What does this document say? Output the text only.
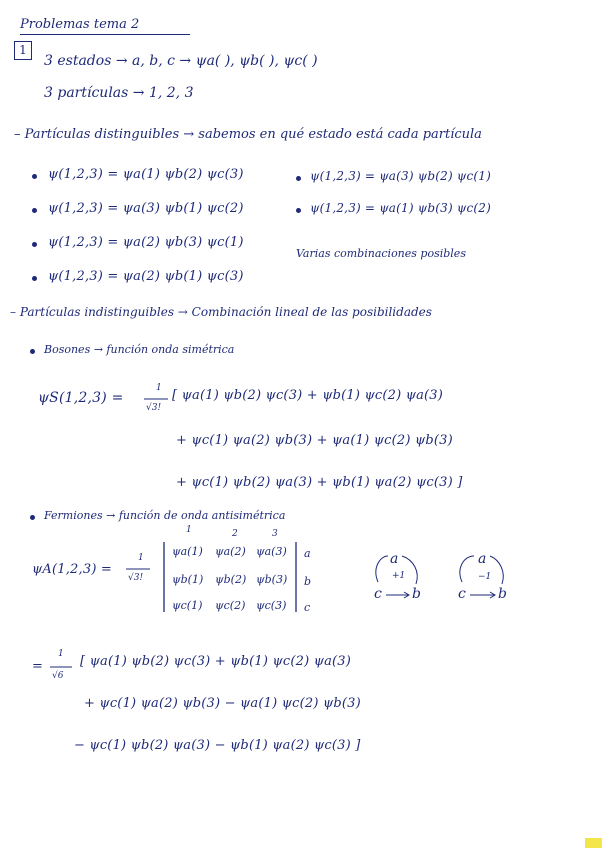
Problemas tema 2
1
3 estados → a, b, c → ψa( ), ψb( ), ψc( )
3 partículas → 1, 2, 3
– Partículas distinguibles → sabemos en qué estado está cada partícula
ψ(1,2,3) = ψa(1) ψb(2) ψc(3)
ψ(1,2,3) = ψa(3) ψb(1) ψc(2)
ψ(1,2,3) = ψa(2) ψb(3) ψc(1)
ψ(1,2,3) = ψa(2) ψb(1) ψc(3)
ψ(1,2,3) = ψa(3) ψb(2) ψc(1)
ψ(1,2,3) = ψa(1) ψb(3) ψc(2)
Varias combinaciones posibles
– Partículas indistinguibles → Combinación lineal de las posibilidades
Bosones → función onda simétrica
ψS(1,2,3) =
1
√3!
[ ψa(1) ψb(2) ψc(3) + ψb(1) ψc(2) ψa(3)
+ ψc(1) ψa(2) ψb(3) + ψa(1) ψc(2) ψb(3)
+ ψc(1) ψb(2) ψa(3) + ψb(1) ψa(2) ψc(3) ]
Fermiones → función de onda antisimétrica
ψA(1,2,3) =
1
√3!
1	2	3
ψa(1) ψa(2) ψa(3)
ψb(1) ψb(2) ψb(3)
ψc(1) ψc(2) ψc(3)
a
b
c
a
+1
c b
a
−1
c b
=
1
√6
[ ψa(1) ψb(2) ψc(3) + ψb(1) ψc(2) ψa(3)
+ ψc(1) ψa(2) ψb(3) − ψa(1) ψc(2) ψb(3)
− ψc(1) ψb(2) ψa(3) − ψb(1) ψa(2) ψc(3) ]
